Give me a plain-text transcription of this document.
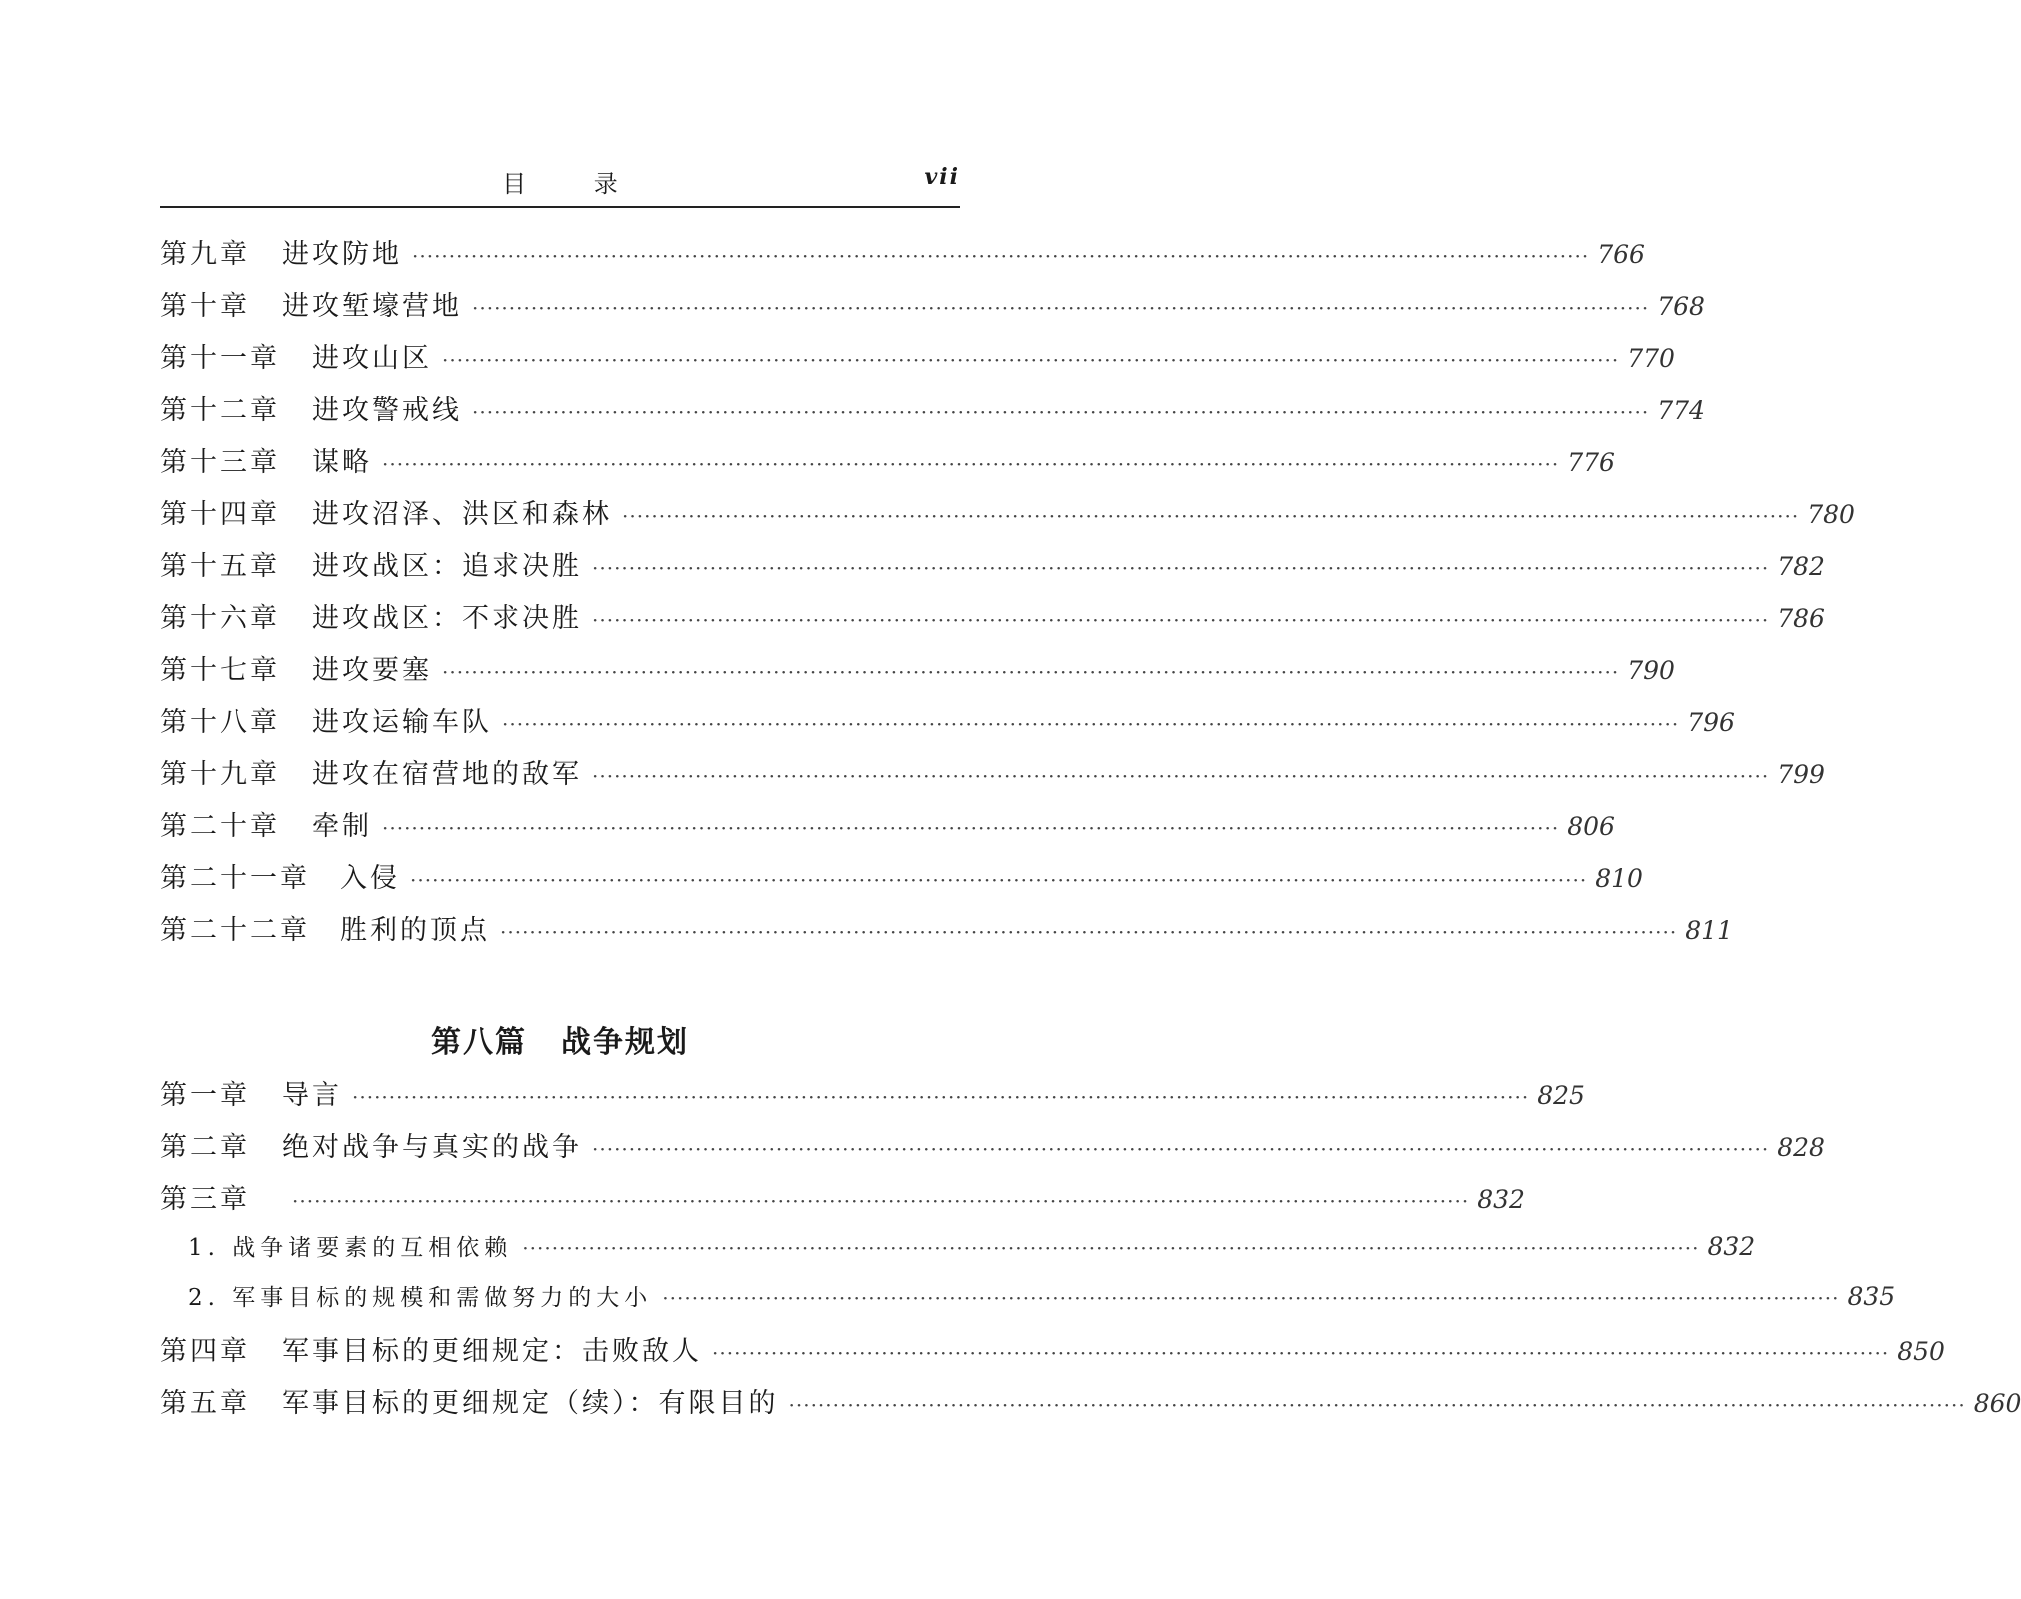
目 录	vii
第九章 进攻防地 ································································································································································ 766
第十章 进攻堑壕营地 ································································································································································ 768
第十一章 进攻山区 ································································································································································ 770
第十二章 进攻警戒线 ································································································································································ 774
第十三章 谋略 ································································································································································ 776
第十四章 进攻沼泽、洪区和森林 ································································································································································ 780
第十五章 进攻战区：追求决胜 ································································································································································ 782
第十六章 进攻战区：不求决胜 ································································································································································ 786
第十七章 进攻要塞 ································································································································································ 790
第十八章 进攻运输车队 ································································································································································ 796
第十九章 进攻在宿营地的敌军 ································································································································································ 799
第二十章 牵制 ································································································································································ 806
第二十一章 入侵 ································································································································································ 810
第二十二章 胜利的顶点 ································································································································································ 811
第八篇 战争规划
第一章 导言 ································································································································································ 825
第二章 绝对战争与真实的战争 ································································································································································ 828
第三章 ································································································································································ 832
1. 战争诸要素的互相依赖 ································································································································································ 832
2. 军事目标的规模和需做努力的大小 ································································································································································ 835
第四章 军事目标的更细规定：击败敌人 ································································································································································ 850
第五章 军事目标的更细规定（续）：有限目的 ································································································································································ 860
